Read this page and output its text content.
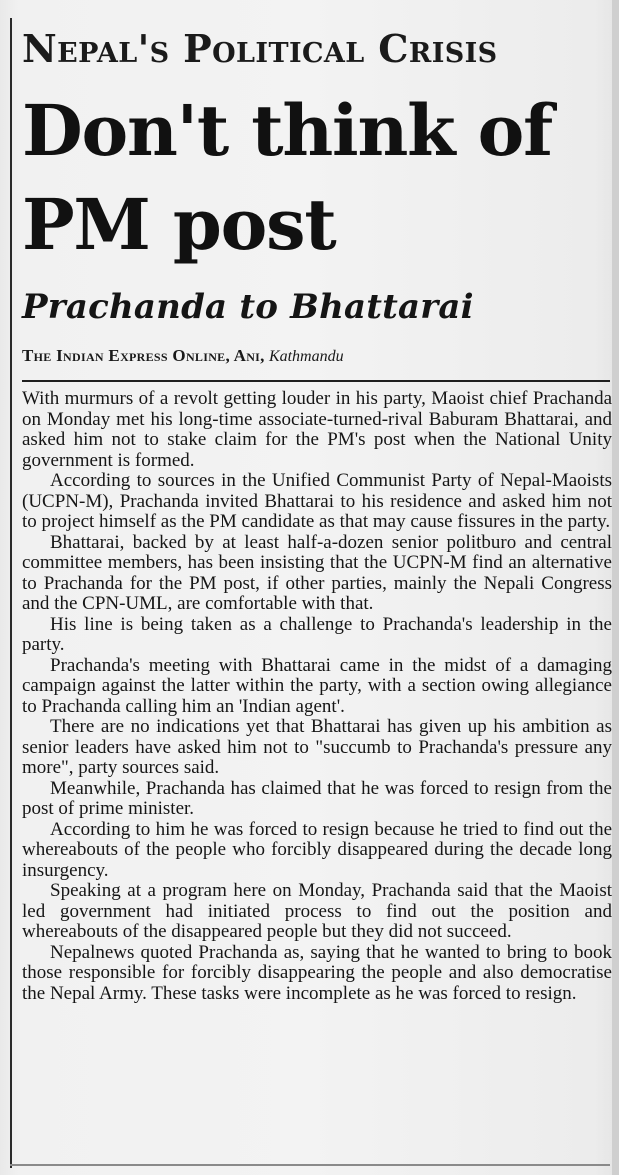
Nepal's Political Crisis
Don't think of PM post
Prachanda to Bhattarai
The Indian Express Online, Ani, Kathmandu

With murmurs of a revolt getting louder in his party, Maoist chief Prachanda on Monday met his long-time associate-turned-rival Baburam Bhattarai, and asked him not to stake claim for the PM's post when the National Unity government is formed.

According to sources in the Unified Communist Party of Nepal-Maoists (UCPN-M), Prachanda invited Bhattarai to his residence and asked him not to project himself as the PM candidate as that may cause fissures in the party.

Bhattarai, backed by at least half-a-dozen senior politburo and central committee members, has been insisting that the UCPN-M find an alternative to Prachanda for the PM post, if other parties, mainly the Nepali Congress and the CPN-UML, are comfortable with that.

His line is being taken as a challenge to Prachanda's leadership in the party.

Prachanda's meeting with Bhattarai came in the midst of a damaging campaign against the latter within the party, with a section owing allegiance to Prachanda calling him an 'Indian agent'.

There are no indications yet that Bhattarai has given up his ambition as senior leaders have asked him not to "succumb to Prachanda's pressure any more", party sources said.

Meanwhile, Prachanda has claimed that he was forced to resign from the post of prime minister.

According to him he was forced to resign because he tried to find out the whereabouts of the people who forcibly disappeared during the decade long insurgency.

Speaking at a program here on Monday, Prachanda said that the Maoist led government had initiated process to find out the position and whereabouts of the disappeared people but they did not succeed.

Nepalnews quoted Prachanda as, saying that he wanted to bring to book those responsible for forcibly disappearing the people and also democratise the Nepal Army. These tasks were incomplete as he was forced to resign.
